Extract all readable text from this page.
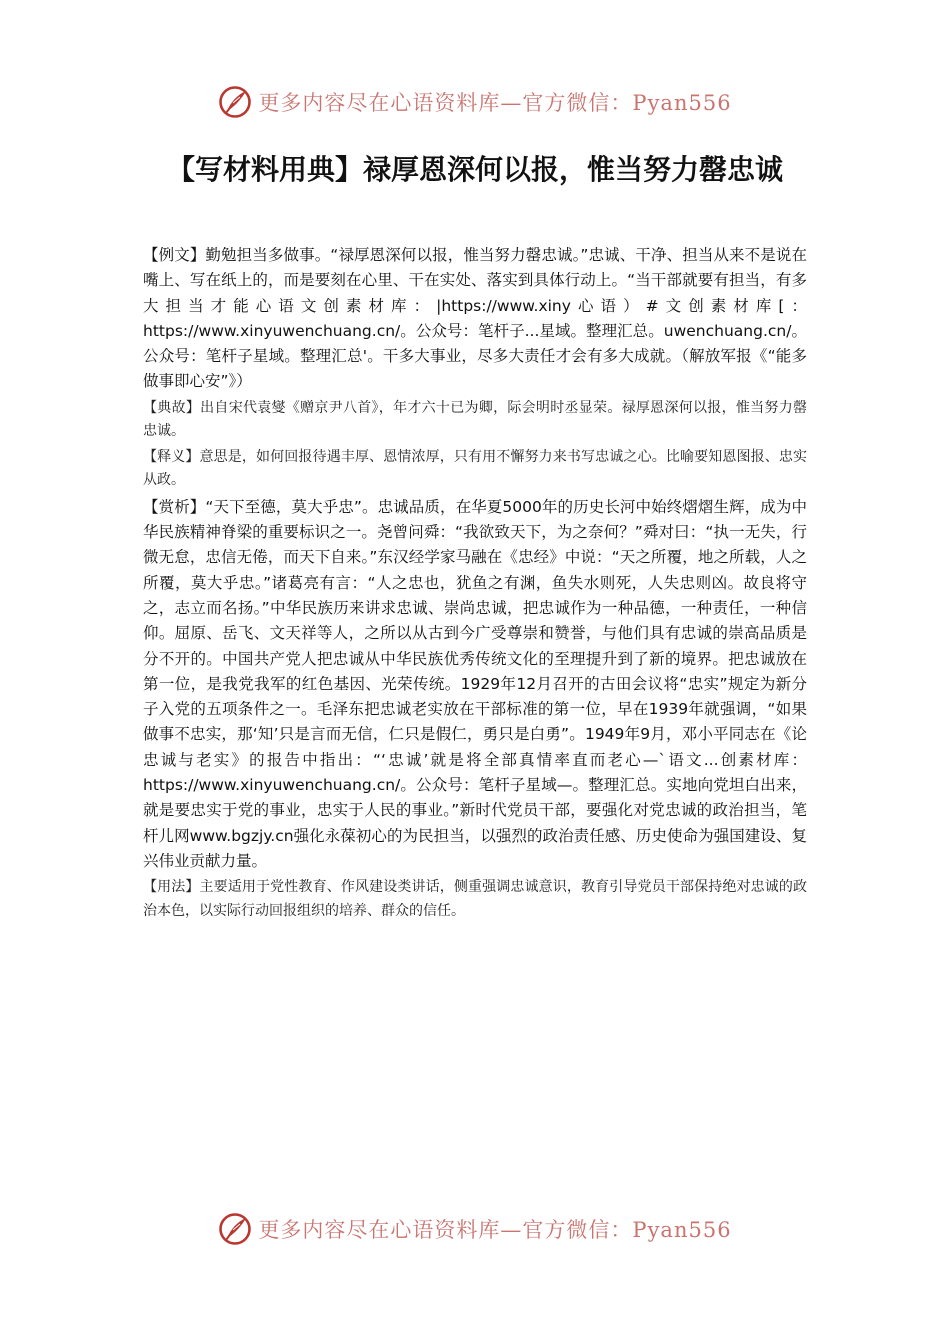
更多内容尽在心语资料库—官方微信：Pyan556
【写材料用典】禄厚恩深何以报，惟当努力罄忠诚

【例文】勤勉担当多做事。“禄厚恩深何以报，惟当努力罄忠诚。”忠诚、干净、担当从来不是说在嘴上、写在纸上的，而是要刻在心里、干在实处、落实到具体行动上。“当干部就要有担当，有多大担当才能心语文创素材库：|https://www.xiny心语）#文创素材库[：https://www.xinyuwenchuang.cn/。公众号：笔杆子...星域。整理汇总。uwenchuang.cn/。公众号：笔杆子星域。整理汇总'。干多大事业，尽多大责任才会有多大成就。（解放军报《“能多做事即心安”》）

【典故】出自宋代袁燮《赠京尹八首》，年才六十已为卿，际会明时丞显荣。禄厚恩深何以报，惟当努力罄忠诚。

【释义】意思是，如何回报待遇丰厚、恩情浓厚，只有用不懈努力来书写忠诚之心。比喻要知恩图报、忠实从政。

【赏析】“天下至德，莫大乎忠”。忠诚品质，在华夏5000年的历史长河中始终熠熠生辉，成为中华民族精神脊梁的重要标识之一。尧曾问舜：“我欲致天下，为之奈何？”舜对曰：“执一无失，行微无怠，忠信无倦，而天下自来。”东汉经学家马融在《忠经》中说：“天之所覆，地之所载，人之所覆，莫大乎忠。”诸葛亮有言：“人之忠也，犹鱼之有渊，鱼失水则死，人失忠则凶。故良将守之，志立而名扬。”中华民族历来讲求忠诚、崇尚忠诚，把忠诚作为一种品德，一种责任，一种信仰。屈原、岳飞、文天祥等人，之所以从古到今广受尊崇和赞誉，与他们具有忠诚的崇高品质是分不开的。中国共产党人把忠诚从中华民族优秀传统文化的至理提升到了新的境界。把忠诚放在第一位，是我党我军的红色基因、光荣传统。1929年12月召开的古田会议将“忠实”规定为新分子入党的五项条件之一。毛泽东把忠诚老实放在干部标准的第一位，早在1939年就强调，“如果做事不忠实，那‘知’只是言而无信，仁只是假仁，勇只是白勇”。1949年9月，邓小平同志在《论忠诚与老实》的报告中指出：“‘忠诚’就是将全部真情率直而老心—`语文...创素材库：https://www.xinyuwenchuang.cn/。公众号：笔杆子星域—。整理汇总。实地向党坦白出来，就是要忠实于党的事业，忠实于人民的事业。”新时代党员干部，要强化对党忠诚的政治担当，笔杆儿网www.bgzjy.cn强化永葆初心的为民担当，以强烈的政治责任感、历史使命为强国建设、复兴伟业贡献力量。

【用法】主要适用于党性教育、作风建设类讲话，侧重强调忠诚意识，教育引导党员干部保持绝对忠诚的政治本色，以实际行动回报组织的培养、群众的信任。

更多内容尽在心语资料库—官方微信：Pyan556
